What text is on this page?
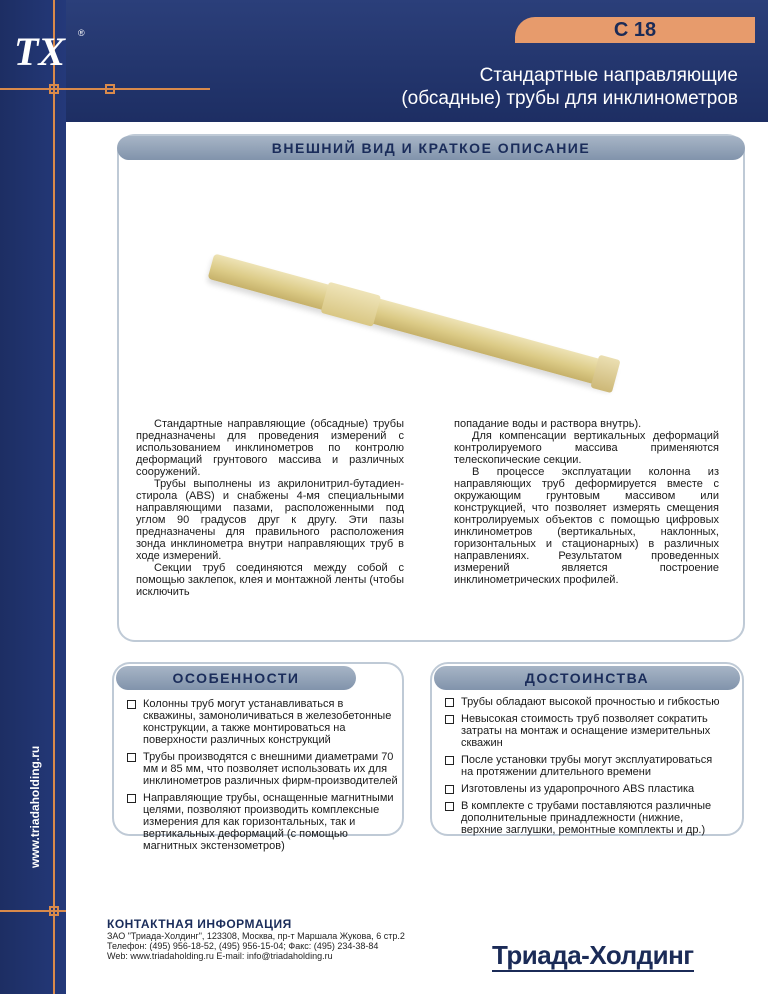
TX ®	С 18
Стандартные направляющие
(обсадные) трубы для инклинометров
www.triadaholding.ru
ВНЕШНИЙ ВИД И КРАТКОЕ ОПИСАНИЕ

Стандартные направляющие (обсадные) трубы предназначены для проведения измерений с использованием инклинометров по контролю деформаций грунтового массива и различных сооружений.

Трубы выполнены из акрилонитрил-бутадиен-стирола (ABS) и снабжены 4-мя специальными направляющими пазами, расположенными под углом 90 градусов друг к другу. Эти пазы предназначены для правильного расположения зонда инклинометра внутри направляющих труб в ходе измерений.

Секции труб соединяются между собой с помощью заклепок, клея и монтажной ленты (чтобы исключить

попадание воды и раствора внутрь).

Для компенсации вертикальных деформаций контролируемого массива применяются телескопические секции.

В процессе эксплуатации колонна из направляющих труб деформируется вместе с окружающим грунтовым массивом или конструкцией, что позволяет измерять смещения контролируемых объектов с помощью цифровых инклинометров (вертикальных, наклонных, горизонтальных и стационарных) в различных направлениях. Результатом проведенных измерений является построение инклинометрических профилей.

ОСОБЕННОСТИ
Колонны труб могут устанавливаться в скважины, замоноличиваться в железобетонные конструкции, а также монтироваться на поверхности различных конструкций
Трубы производятся с внешними диаметрами 70 мм и 85 мм, что позволяет использовать их для инклинометров различных фирм-производителей
Направляющие трубы, оснащенные магнитными целями, позволяют производить комплексные измерения для как горизонтальных, так и вертикальных деформаций (с помощью магнитных экстензометров)
ДОСТОИНСТВА
Трубы обладают высокой прочностью и гибкостью
Невысокая стоимость труб позволяет сократить затраты на монтаж и оснащение измерительных скважин
После установки трубы могут эксплуатироваться на протяжении длительного времени
Изготовлены из ударопрочного ABS пластика
В комплекте с трубами поставляются различные дополнительные принадлежности (нижние, верхние заглушки, ремонтные комплекты и др.)
КОНТАКТНАЯ ИНФОРМАЦИЯ
ЗАО "Триада-Холдинг", 123308, Москва, пр-т Маршала Жукова, 6 стр.2
Телефон: (495) 956-18-52, (495) 956-15-04; Факс: (495) 234-38-84
Web: www.triadaholding.ru E-mail: info@triadaholding.ru	Триада-Холдинг
